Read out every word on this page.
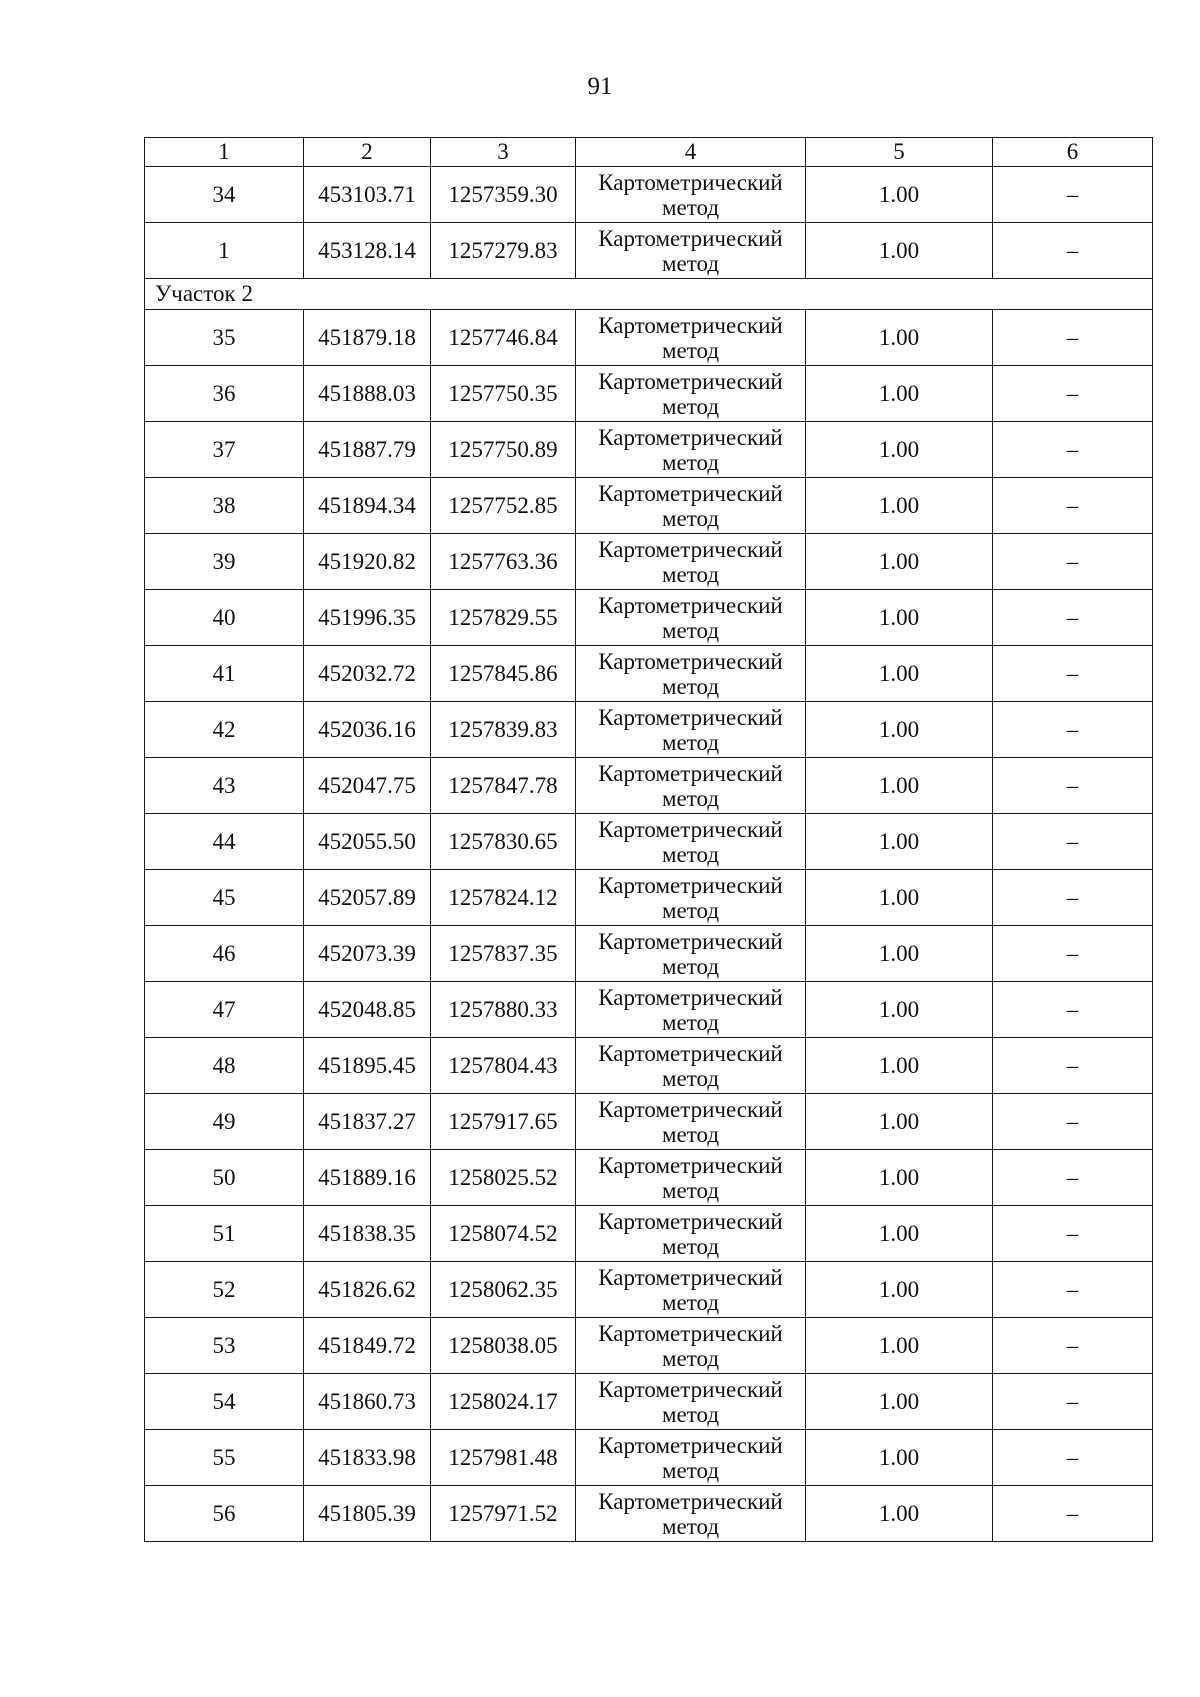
91
1	2	3	4	5	6
34	453103.71	1257359.30	Картометрический метод	1.00	–
1	453128.14	1257279.83	Картометрический метод	1.00	–
Участок 2					
35	451879.18	1257746.84	Картометрический метод	1.00	–
36	451888.03	1257750.35	Картометрический метод	1.00	–
37	451887.79	1257750.89	Картометрический метод	1.00	–
38	451894.34	1257752.85	Картометрический метод	1.00	–
39	451920.82	1257763.36	Картометрический метод	1.00	–
40	451996.35	1257829.55	Картометрический метод	1.00	–
41	452032.72	1257845.86	Картометрический метод	1.00	–
42	452036.16	1257839.83	Картометрический метод	1.00	–
43	452047.75	1257847.78	Картометрический метод	1.00	–
44	452055.50	1257830.65	Картометрический метод	1.00	–
45	452057.89	1257824.12	Картометрический метод	1.00	–
46	452073.39	1257837.35	Картометрический метод	1.00	–
47	452048.85	1257880.33	Картометрический метод	1.00	–
48	451895.45	1257804.43	Картометрический метод	1.00	–
49	451837.27	1257917.65	Картометрический метод	1.00	–
50	451889.16	1258025.52	Картометрический метод	1.00	–
51	451838.35	1258074.52	Картометрический метод	1.00	–
52	451826.62	1258062.35	Картометрический метод	1.00	–
53	451849.72	1258038.05	Картометрический метод	1.00	–
54	451860.73	1258024.17	Картометрический метод	1.00	–
55	451833.98	1257981.48	Картометрический метод	1.00	–
56	451805.39	1257971.52	Картометрический метод	1.00	–
